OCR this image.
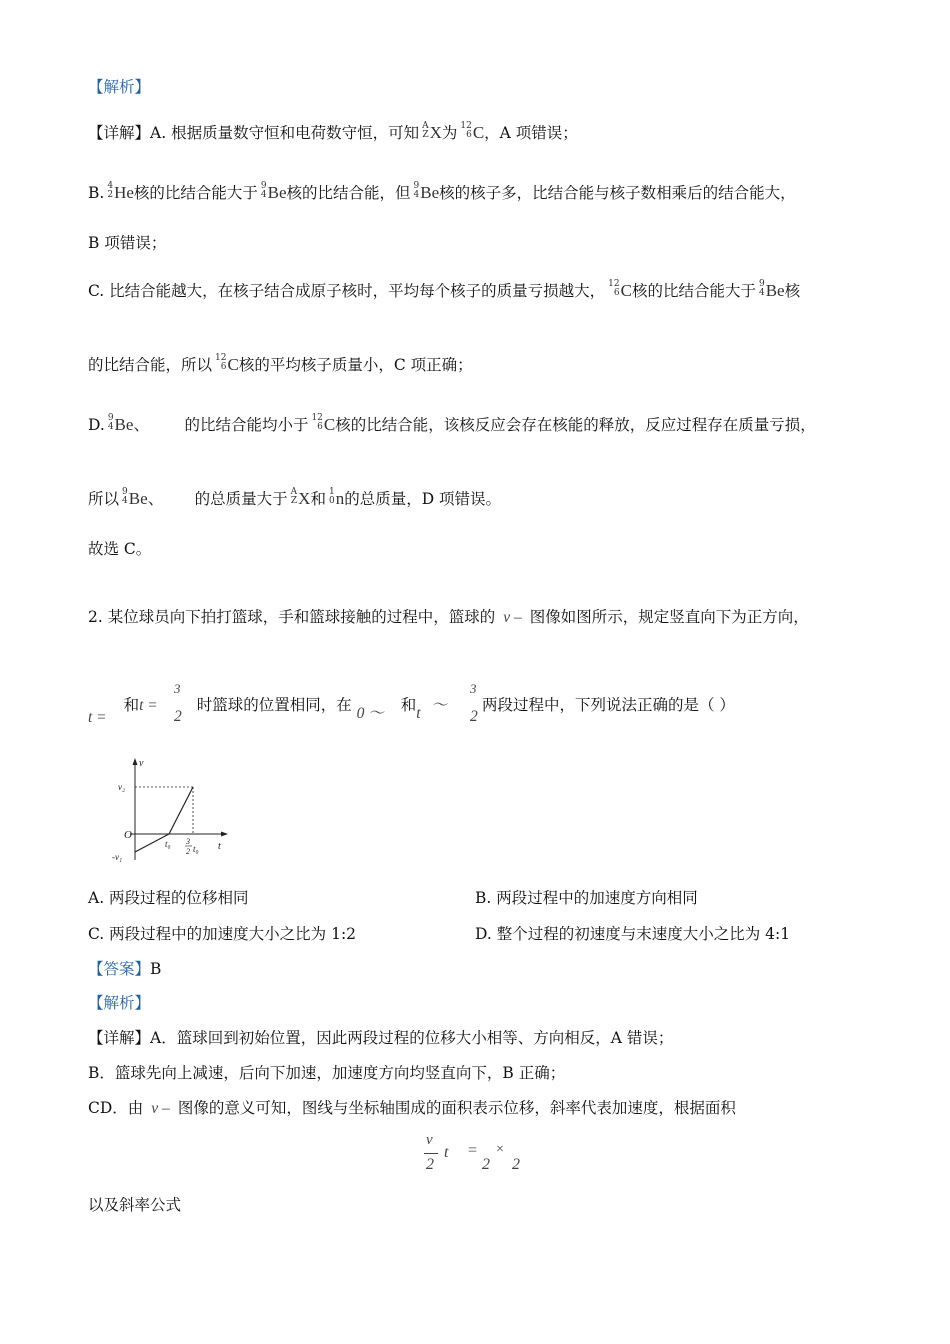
【解析】
【详解】A. 根据质量数守恒和电荷数守恒，可知 A
Z X为 12
6 C，A 项错误；
B. 4
2 He核的比结合能大于 9
4 Be核的比结合能，但 9
4 Be核的核子多，比结合能与核子数相乘后的结合能大，
B 项错误；
C. 比结合能越大，在核子结合成原子核时，平均每个核子的质量亏损越大， 12
6 C核的比结合能大于 9
4 Be核
的比结合能，所以 12
6 C核的平均核子质量小，C 项正确；
D. 9
4 Be、 的比结合能均小于 12
6 C核的比结合能，该核反应会存在核能的释放，反应过程存在质量亏损，
所以 9
4 Be、 的总质量大于 A
Z X和 1
0 n的总质量，D 项错误。
故选 C。
2. 某位球员向下拍打篮球，手和篮球接触的过程中，篮球的 v – 图像如图所示，规定竖直向下为正方向，
t = 和t =
3
2
时篮球的位置相同，在 0 ～ 和t ～
3
2
两段过程中，下列说法正确的是（ ）
v
t
O
v₂
-v₁
t₀ 3
2 t₀
A. 两段过程的位移相同	B. 两段过程中的加速度方向相同
C. 两段过程中的加速度大小之比为 1:2	D. 整个过程的初速度与末速度大小之比为 4:1
【答案】B
【解析】
【详解】A．篮球回到初始位置，因此两段过程的位移大小相等、方向相反，A 错误；
B．篮球先向上减速，后向下加速，加速度方向均竖直向下，B 正确；
CD．由 v – 图像的意义可知，图线与坐标轴围成的面积表示位移，斜率代表加速度，根据面积
v
2
t =
2
×
2
以及斜率公式
